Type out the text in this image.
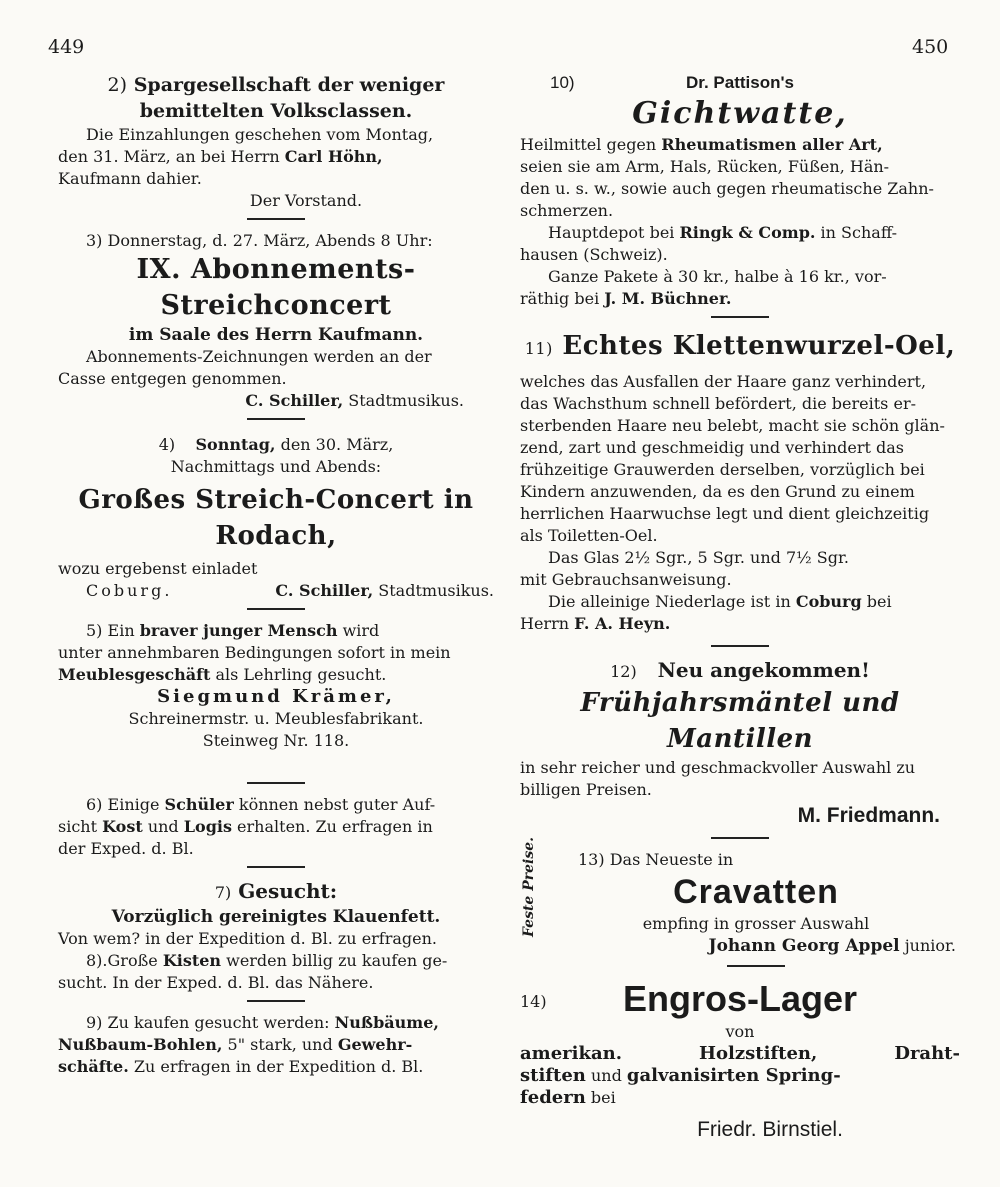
449	450
2) Spargesellschaft der weniger
bemittelten Volksclassen.
Die Einzahlungen geschehen vom Montag,
den 31. März, an bei Herrn Carl Höhn,
Kaufmann dahier.
Der Vorstand.
3) Donnerstag, d. 27. März, Abends 8 Uhr:
IX. Abonnements-Streichconcert
im Saale des Herrn Kaufmann.
Abonnements-Zeichnungen werden an der
Casse entgegen genommen.
C. Schiller, Stadtmusikus.
4) Sonntag, den 30. März,
Nachmittags und Abends:
Großes Streich-Concert in Rodach,
wozu ergebenst einladet
Coburg.	C. Schiller, Stadtmusikus.
5) Ein braver junger Mensch wird
unter annehmbaren Bedingungen sofort in mein
Meublesgeschäft als Lehrling gesucht.
Siegmund Krämer,
Schreinermstr. u. Meublesfabrikant.
Steinweg Nr. 118.
6) Einige Schüler können nebst guter Auf-
sicht Kost und Logis erhalten. Zu erfragen in
der Exped. d. Bl.
7) Gesucht:
Vorzüglich gereinigtes Klauenfett.
Von wem? in der Expedition d. Bl. zu erfragen.
8).Große Kisten werden billig zu kaufen ge-
sucht. In der Exped. d. Bl. das Nähere.
9) Zu kaufen gesucht werden: Nußbäume,
Nußbaum-Bohlen, 5" stark, und Gewehr-
schäfte. Zu erfragen in der Expedition d. Bl.
10)	Dr. Pattison's
Gichtwatte,
Heilmittel gegen Rheumatismen aller Art,
seien sie am Arm, Hals, Rücken, Füßen, Hän-
den u. s. w., sowie auch gegen rheumatische Zahn-
schmerzen.
Hauptdepot bei Ringk & Comp. in Schaff-
hausen (Schweiz).
Ganze Pakete à 30 kr., halbe à 16 kr., vor-
räthig bei J. M. Büchner.
11) Echtes Klettenwurzel-Oel,
welches das Ausfallen der Haare ganz verhindert,
das Wachsthum schnell befördert, die bereits er-
sterbenden Haare neu belebt, macht sie schön glän-
zend, zart und geschmeidig und verhindert das
frühzeitige Grauwerden derselben, vorzüglich bei
Kindern anzuwenden, da es den Grund zu einem
herrlichen Haarwuchse legt und dient gleichzeitig
als Toiletten-Oel.
Das Glas 2½ Sgr., 5 Sgr. und 7½ Sgr.
mit Gebrauchsanweisung.
Die alleinige Niederlage ist in Coburg bei
Herrn F. A. Heyn.
12) Neu angekommen!
Frühjahrsmäntel und Mantillen
in sehr reicher und geschmackvoller Auswahl zu
billigen Preisen.
M. Friedmann.
Feste Preise.	13) Das Neueste in
Cravatten
empfing in grosser Auswahl
Johann Georg Appel junior.
14) Engros-Lager
von
amerikan.	Holzstiften,	Draht-
stiften und galvanisirten Spring-
federn bei
Friedr. Birnstiel.
